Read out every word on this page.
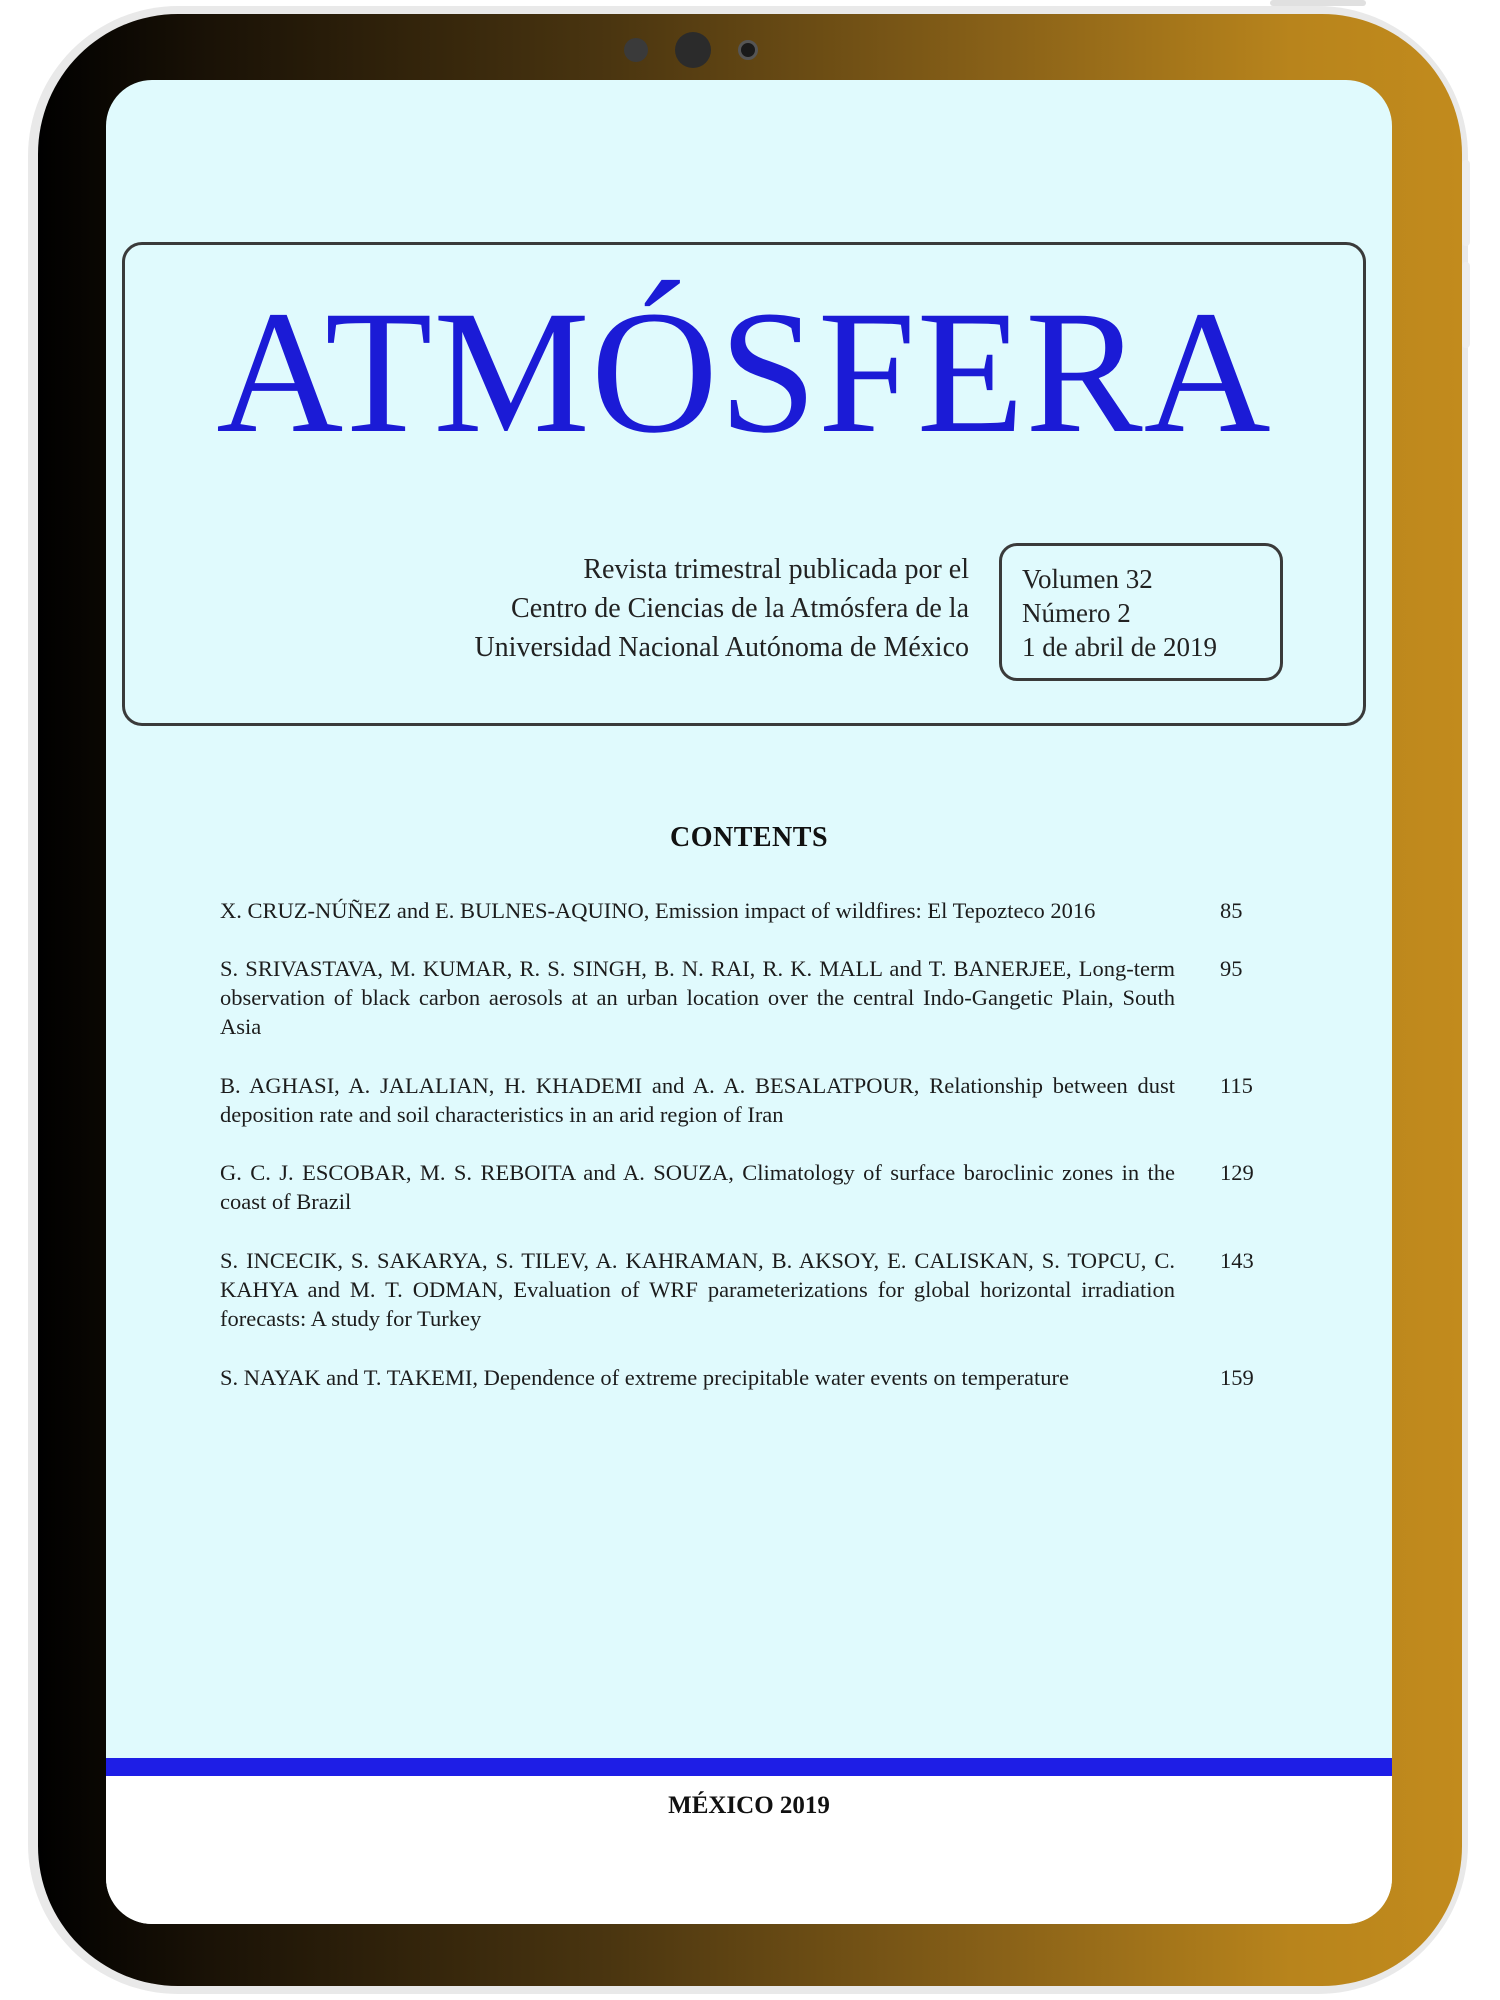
ATMÓSFERA
Revista trimestral publicada por el
Centro de Ciencias de la Atmósfera de la
Universidad Nacional Autónoma de México
Volumen 32
Número 2
1 de abril de 2019
CONTENTS
X. CRUZ-NÚÑEZ and E. BULNES-AQUINO, Emission impact of wildfires: El Tepozteco 2016	85
S. SRIVASTAVA, M. KUMAR, R. S. SINGH, B. N. RAI, R. K. MALL and T. BANERJEE, Long-term observation of black carbon aerosols at an urban location over the central Indo-Gangetic Plain, South Asia
95
B. AGHASI, A. JALALIAN, H. KHADEMI and A. A. BESALATPOUR, Relationship between dust deposition rate and soil characteristics in an arid region of Iran
115
G. C. J. ESCOBAR, M. S. REBOITA and A. SOUZA, Climatology of surface baroclinic zones in the coast of Brazil
129
S. INCECIK, S. SAKARYA, S. TILEV, A. KAHRAMAN, B. AKSOY, E. CALISKAN, S. TOPCU, C. KAHYA and M. T. ODMAN, Evaluation of WRF parameterizations for global horizontal irradiation forecasts: A study for Turkey
143
S. NAYAK and T. TAKEMI, Dependence of extreme precipitable water events on temperature	159
MÉXICO 2019
